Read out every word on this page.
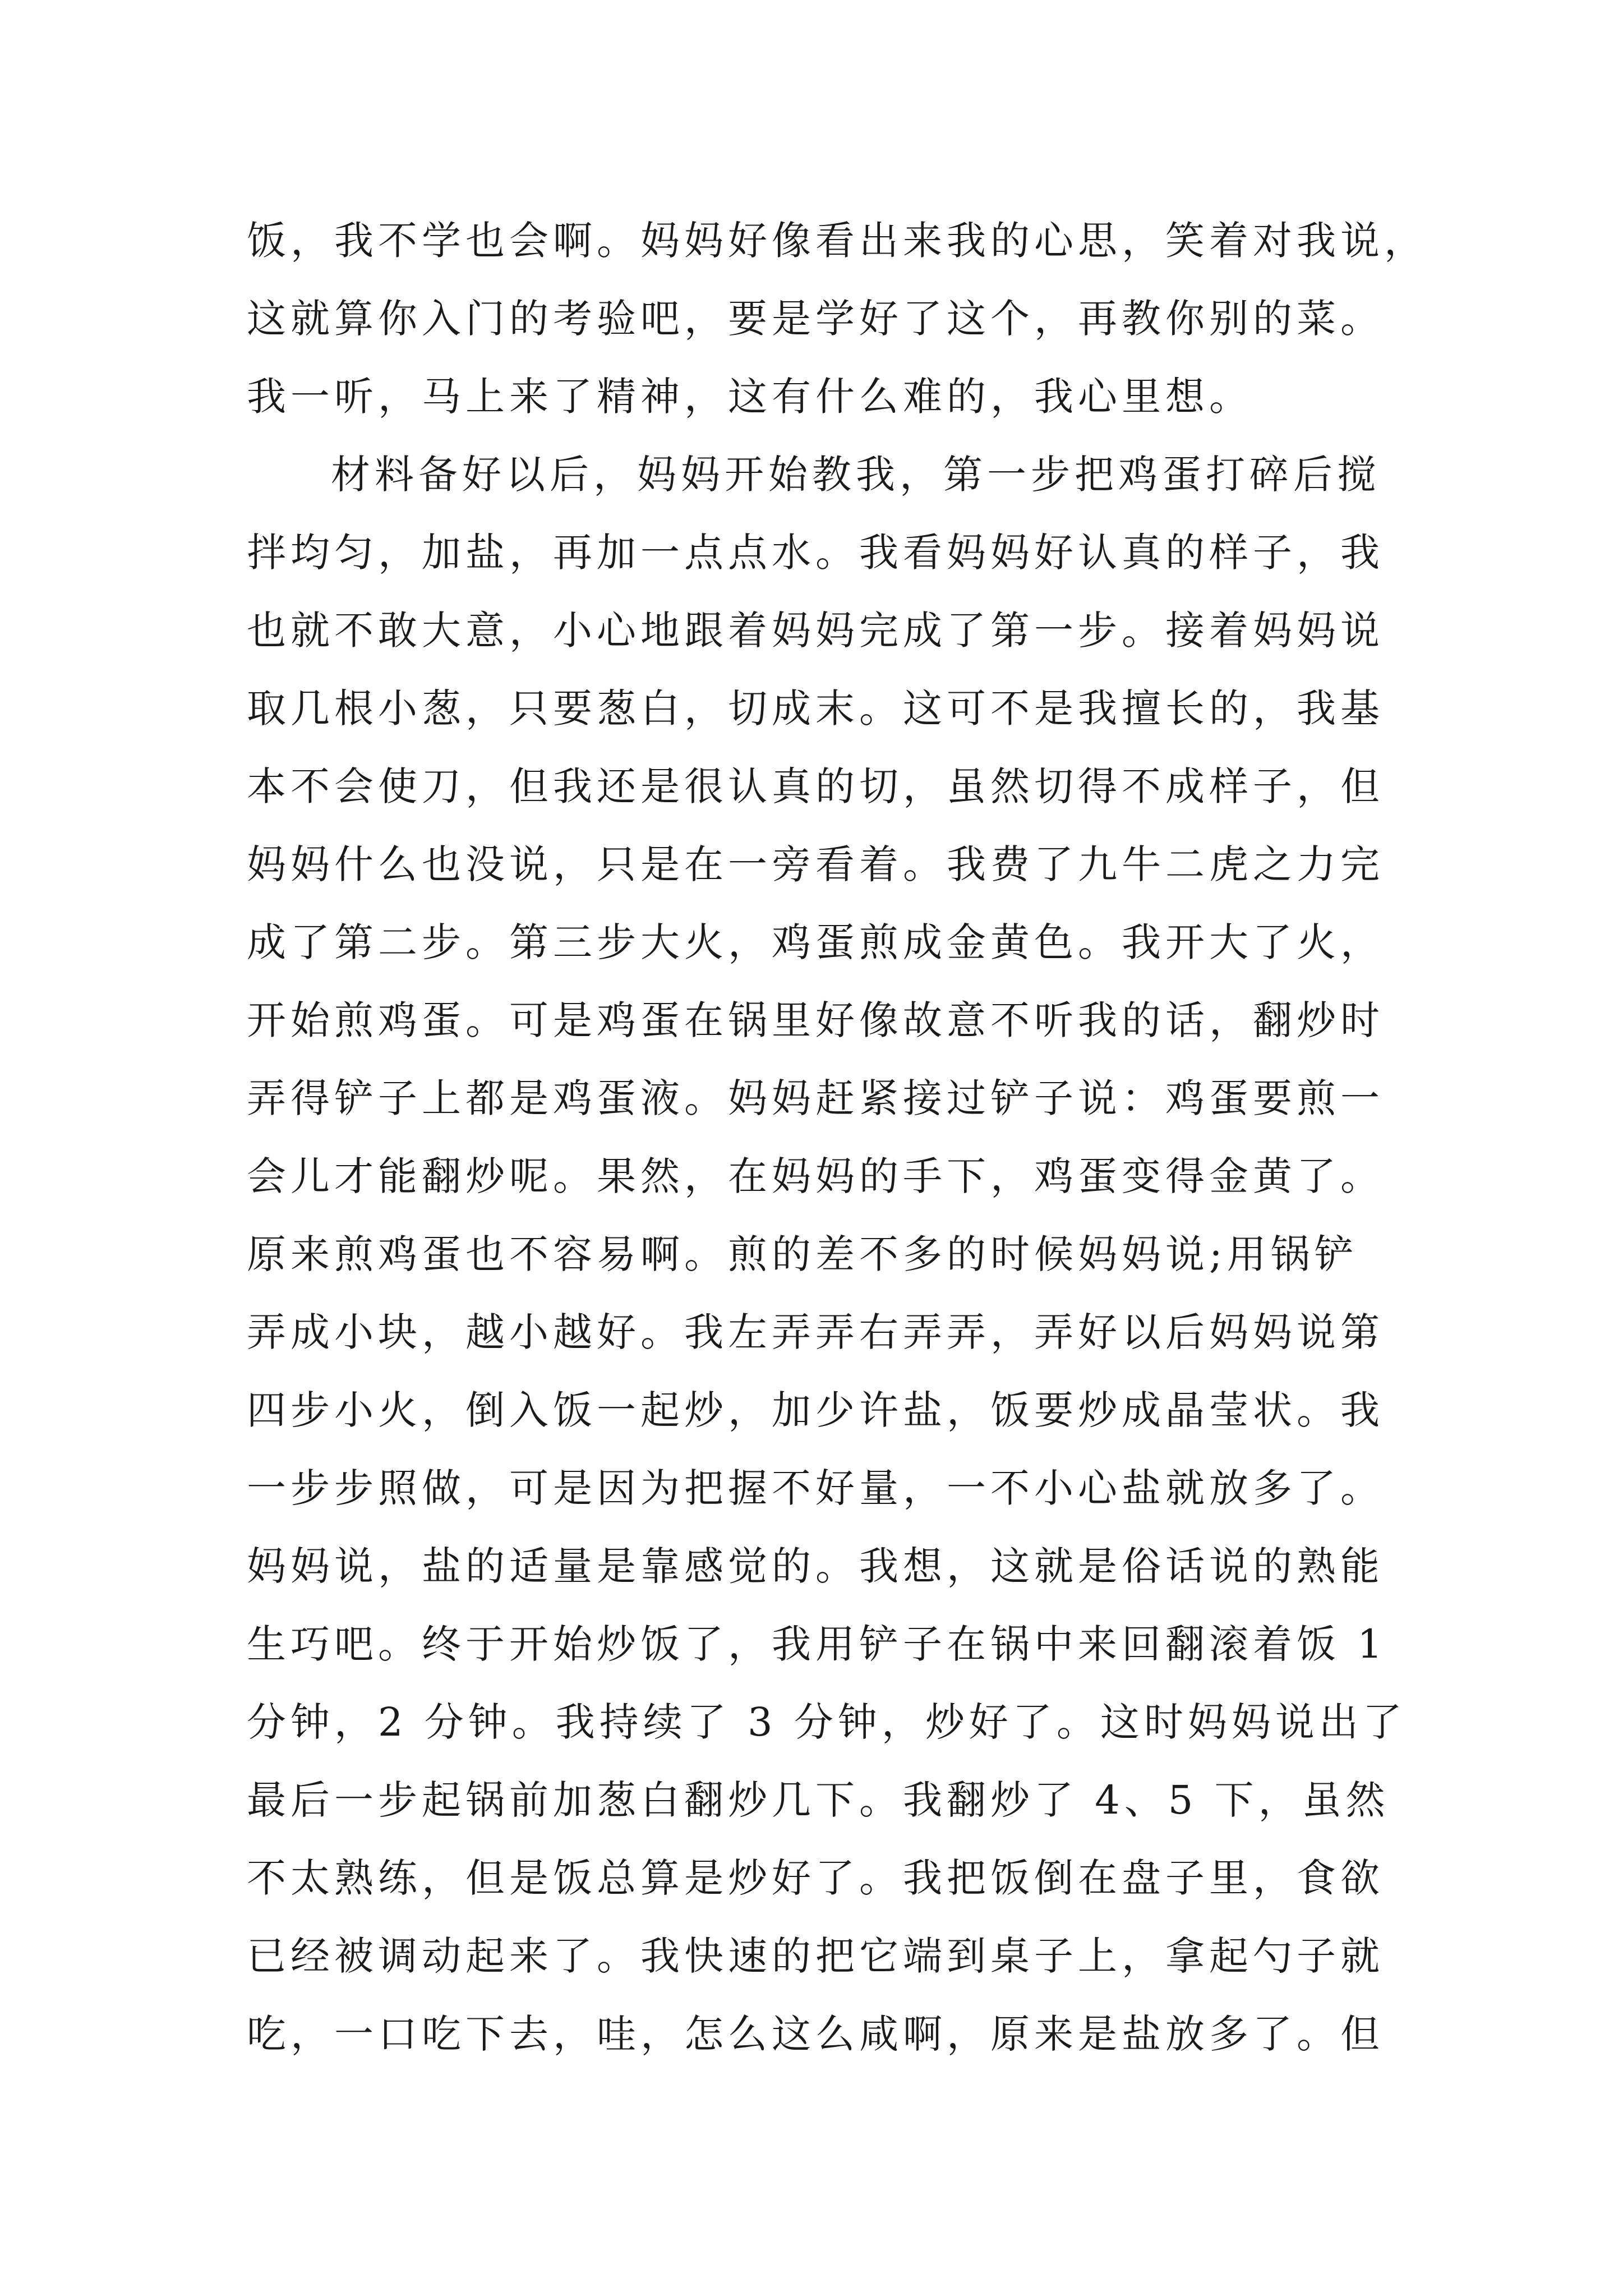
饭，我不学也会啊。妈妈好像看出来我的心思，笑着对我说，
这就算你入门的考验吧，要是学好了这个，再教你别的菜。
我一听，马上来了精神，这有什么难的，我心里想。
材料备好以后，妈妈开始教我，第一步把鸡蛋打碎后搅
拌均匀，加盐，再加一点点水。我看妈妈好认真的样子，我
也就不敢大意，小心地跟着妈妈完成了第一步。接着妈妈说
取几根小葱，只要葱白，切成末。这可不是我擅长的，我基
本不会使刀，但我还是很认真的切，虽然切得不成样子，但
妈妈什么也没说，只是在一旁看着。我费了九牛二虎之力完
成了第二步。第三步大火，鸡蛋煎成金黄色。我开大了火，
开始煎鸡蛋。可是鸡蛋在锅里好像故意不听我的话，翻炒时
弄得铲子上都是鸡蛋液。妈妈赶紧接过铲子说：鸡蛋要煎一
会儿才能翻炒呢。果然，在妈妈的手下，鸡蛋变得金黄了。
原来煎鸡蛋也不容易啊。煎的差不多的时候妈妈说;用锅铲
弄成小块，越小越好。我左弄弄右弄弄，弄好以后妈妈说第
四步小火，倒入饭一起炒，加少许盐，饭要炒成晶莹状。我
一步步照做，可是因为把握不好量，一不小心盐就放多了。
妈妈说，盐的适量是靠感觉的。我想，这就是俗话说的熟能
生巧吧。终于开始炒饭了，我用铲子在锅中来回翻滚着饭 1
分钟，2 分钟。我持续了 3 分钟，炒好了。这时妈妈说出了
最后一步起锅前加葱白翻炒几下。我翻炒了 4、5 下，虽然
不太熟练，但是饭总算是炒好了。我把饭倒在盘子里，食欲
已经被调动起来了。我快速的把它端到桌子上，拿起勺子就
吃，一口吃下去，哇，怎么这么咸啊，原来是盐放多了。但
